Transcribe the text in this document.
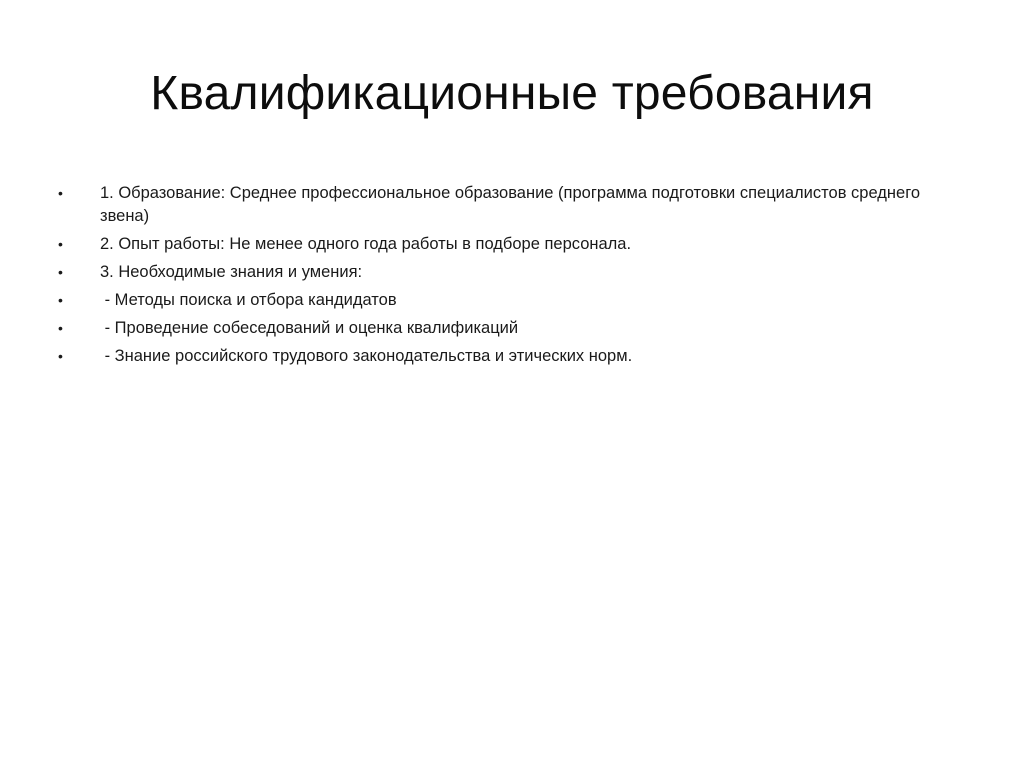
Квалификационные требования
•	1. Образование: Среднее профессиональное образование (программа подготовки специалистов среднего звена)
•	2. Опыт работы: Не менее одного года работы в подборе персонала.
•	3. Необходимые знания и умения:
•	- Методы поиска и отбора кандидатов
•	- Проведение собеседований и оценка квалификаций
•	- Знание российского трудового законодательства и этических норм.
